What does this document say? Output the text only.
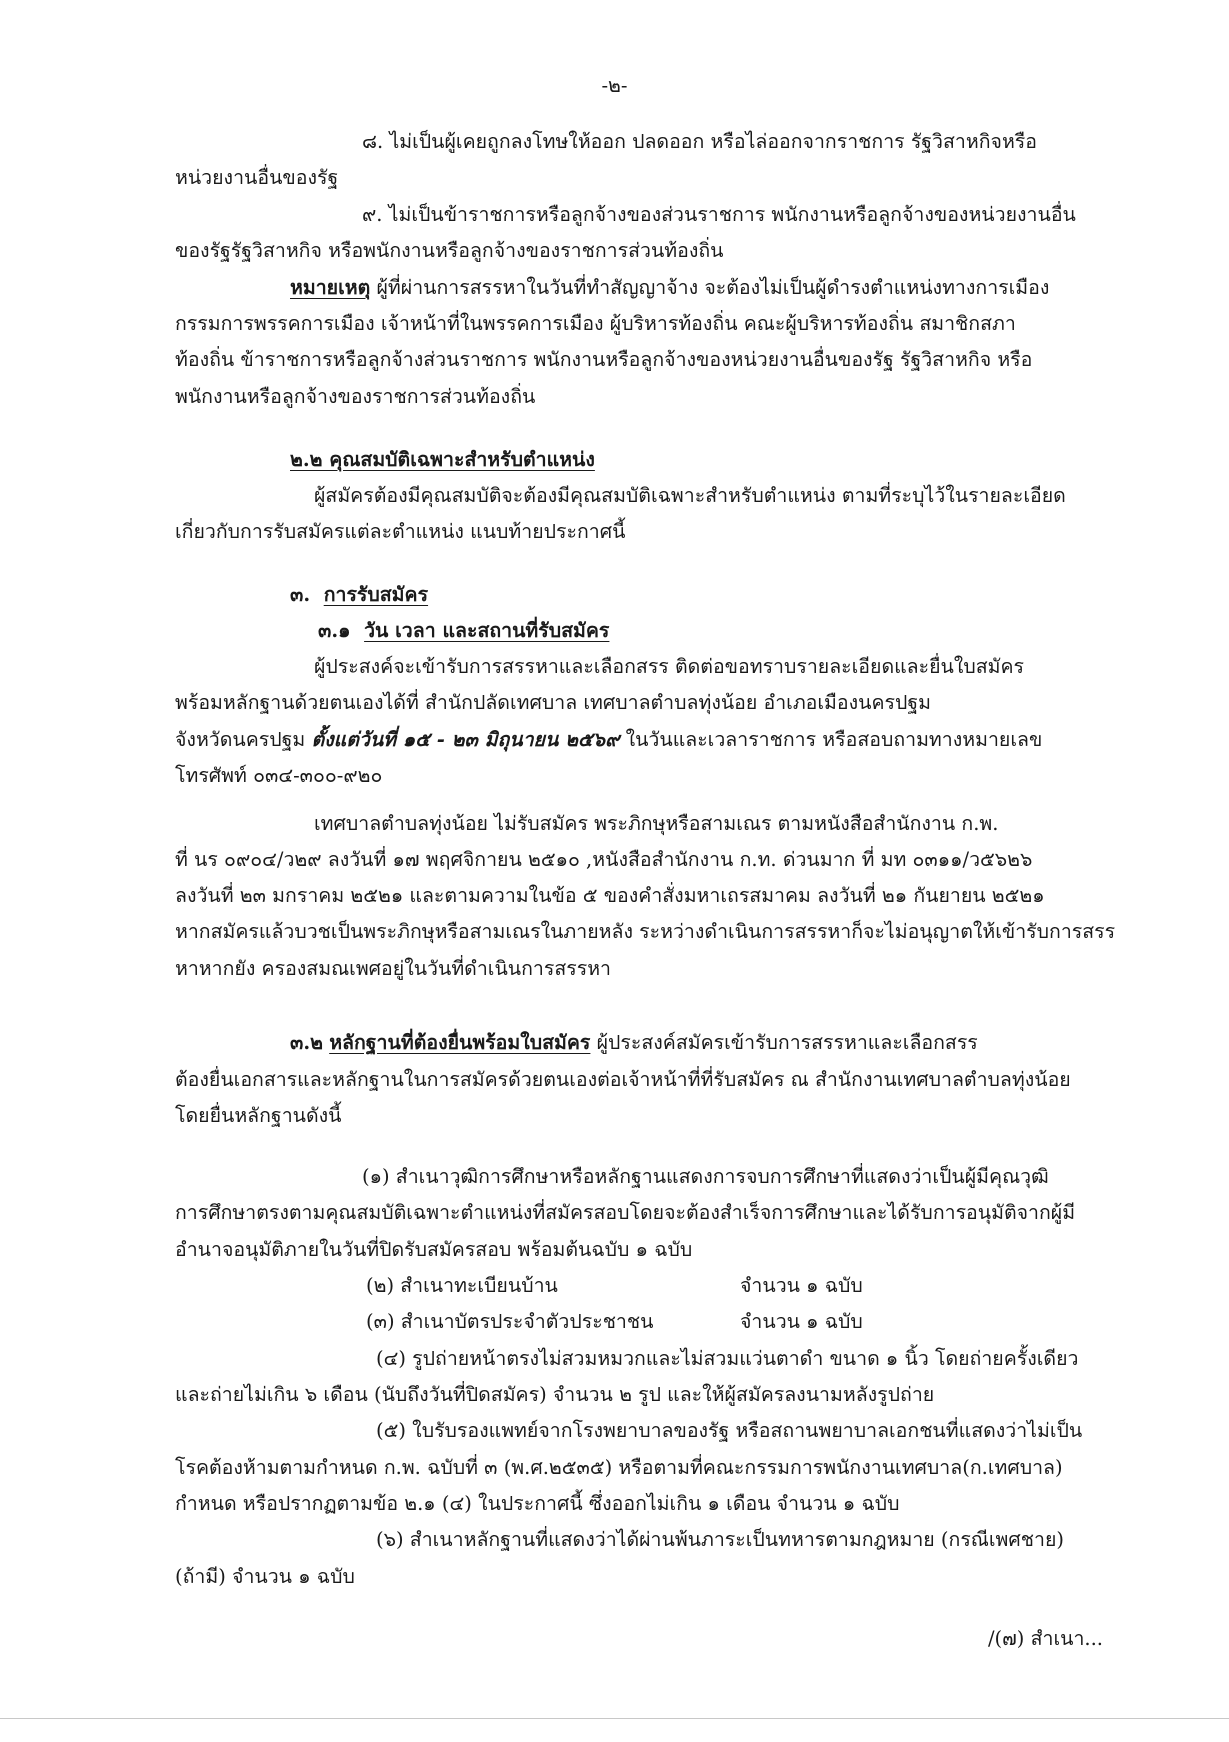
-๒-
๘. ไม่เป็นผู้เคยถูกลงโทษให้ออก ปลดออก หรือไล่ออกจากราชการ รัฐวิสาหกิจหรือ
หน่วยงานอื่นของรัฐ
๙. ไม่เป็นข้าราชการหรือลูกจ้างของส่วนราชการ พนักงานหรือลูกจ้างของหน่วยงานอื่น
ของรัฐรัฐวิสาหกิจ หรือพนักงานหรือลูกจ้างของราชการส่วนท้องถิ่น
หมายเหตุ ผู้ที่ผ่านการสรรหาในวันที่ทำสัญญาจ้าง จะต้องไม่เป็นผู้ดำรงตำแหน่งทางการเมือง
กรรมการพรรคการเมือง เจ้าหน้าที่ในพรรคการเมือง ผู้บริหารท้องถิ่น คณะผู้บริหารท้องถิ่น สมาชิกสภา
ท้องถิ่น ข้าราชการหรือลูกจ้างส่วนราชการ พนักงานหรือลูกจ้างของหน่วยงานอื่นของรัฐ รัฐวิสาหกิจ หรือ
พนักงานหรือลูกจ้างของราชการส่วนท้องถิ่น
๒.๒ คุณสมบัติเฉพาะสำหรับตำแหน่ง
ผู้สมัครต้องมีคุณสมบัติจะต้องมีคุณสมบัติเฉพาะสำหรับตำแหน่ง ตามที่ระบุไว้ในรายละเอียด
เกี่ยวกับการรับสมัครแต่ละตำแหน่ง แนบท้ายประกาศนี้
๓. การรับสมัคร
๓.๑ วัน เวลา และสถานที่รับสมัคร
ผู้ประสงค์จะเข้ารับการสรรหาและเลือกสรร ติดต่อขอทราบรายละเอียดและยื่นใบสมัคร
พร้อมหลักฐานด้วยตนเองได้ที่ สำนักปลัดเทศบาล เทศบาลตำบลทุ่งน้อย อำเภอเมืองนครปฐม
จังหวัดนครปฐม ตั้งแต่วันที่ ๑๕ - ๒๓ มิถุนายน ๒๕๖๙ ในวันและเวลาราชการ หรือสอบถามทางหมายเลข
โทรศัพท์ ๐๓๔-๓๐๐-๙๒๐
เทศบาลตำบลทุ่งน้อย ไม่รับสมัคร พระภิกษุหรือสามเณร ตามหนังสือสำนักงาน ก.พ.
ที่ นร ๐๙๐๔/ว๒๙ ลงวันที่ ๑๗ พฤศจิกายน ๒๕๑๐ ,หนังสือสำนักงาน ก.ท. ด่วนมาก ที่ มท ๐๓๑๑/ว๕๖๒๖
ลงวันที่ ๒๓ มกราคม ๒๕๒๑ และตามความในข้อ ๕ ของคำสั่งมหาเถรสมาคม ลงวันที่ ๒๑ กันยายน ๒๕๒๑
หากสมัครแล้วบวชเป็นพระภิกษุหรือสามเณรในภายหลัง ระหว่างดำเนินการสรรหาก็จะไม่อนุญาตให้เข้ารับการสรร
หาหากยัง ครองสมณเพศอยู่ในวันที่ดำเนินการสรรหา
๓.๒ หลักฐานที่ต้องยื่นพร้อมใบสมัคร ผู้ประสงค์สมัครเข้ารับการสรรหาและเลือกสรร
ต้องยื่นเอกสารและหลักฐานในการสมัครด้วยตนเองต่อเจ้าหน้าที่ที่รับสมัคร ณ สำนักงานเทศบาลตำบลทุ่งน้อย
โดยยื่นหลักฐานดังนี้
(๑) สำเนาวุฒิการศึกษาหรือหลักฐานแสดงการจบการศึกษาที่แสดงว่าเป็นผู้มีคุณวุฒิ
การศึกษาตรงตามคุณสมบัติเฉพาะตำแหน่งที่สมัครสอบโดยจะต้องสำเร็จการศึกษาและได้รับการอนุมัติจากผู้มี
อำนาจอนุมัติภายในวันที่ปิดรับสมัครสอบ พร้อมต้นฉบับ ๑ ฉบับ
(๒) สำเนาทะเบียนบ้าน	จำนวน ๑ ฉบับ
(๓) สำเนาบัตรประจำตัวประชาชน	จำนวน ๑ ฉบับ
(๔) รูปถ่ายหน้าตรงไม่สวมหมวกและไม่สวมแว่นตาดำ ขนาด ๑ นิ้ว โดยถ่ายครั้งเดียว
และถ่ายไม่เกิน ๖ เดือน (นับถึงวันที่ปิดสมัคร) จำนวน ๒ รูป และให้ผู้สมัครลงนามหลังรูปถ่าย
(๕) ใบรับรองแพทย์จากโรงพยาบาลของรัฐ หรือสถานพยาบาลเอกชนที่แสดงว่าไม่เป็น
โรคต้องห้ามตามกำหนด ก.พ. ฉบับที่ ๓ (พ.ศ.๒๕๓๕) หรือตามที่คณะกรรมการพนักงานเทศบาล(ก.เทศบาล)
กำหนด หรือปรากฏตามข้อ ๒.๑ (๔) ในประกาศนี้ ซึ่งออกไม่เกิน ๑ เดือน จำนวน ๑ ฉบับ
(๖) สำเนาหลักฐานที่แสดงว่าได้ผ่านพ้นภาระเป็นทหารตามกฎหมาย (กรณีเพศชาย)
(ถ้ามี) จำนวน ๑ ฉบับ
/(๗) สำเนา...
